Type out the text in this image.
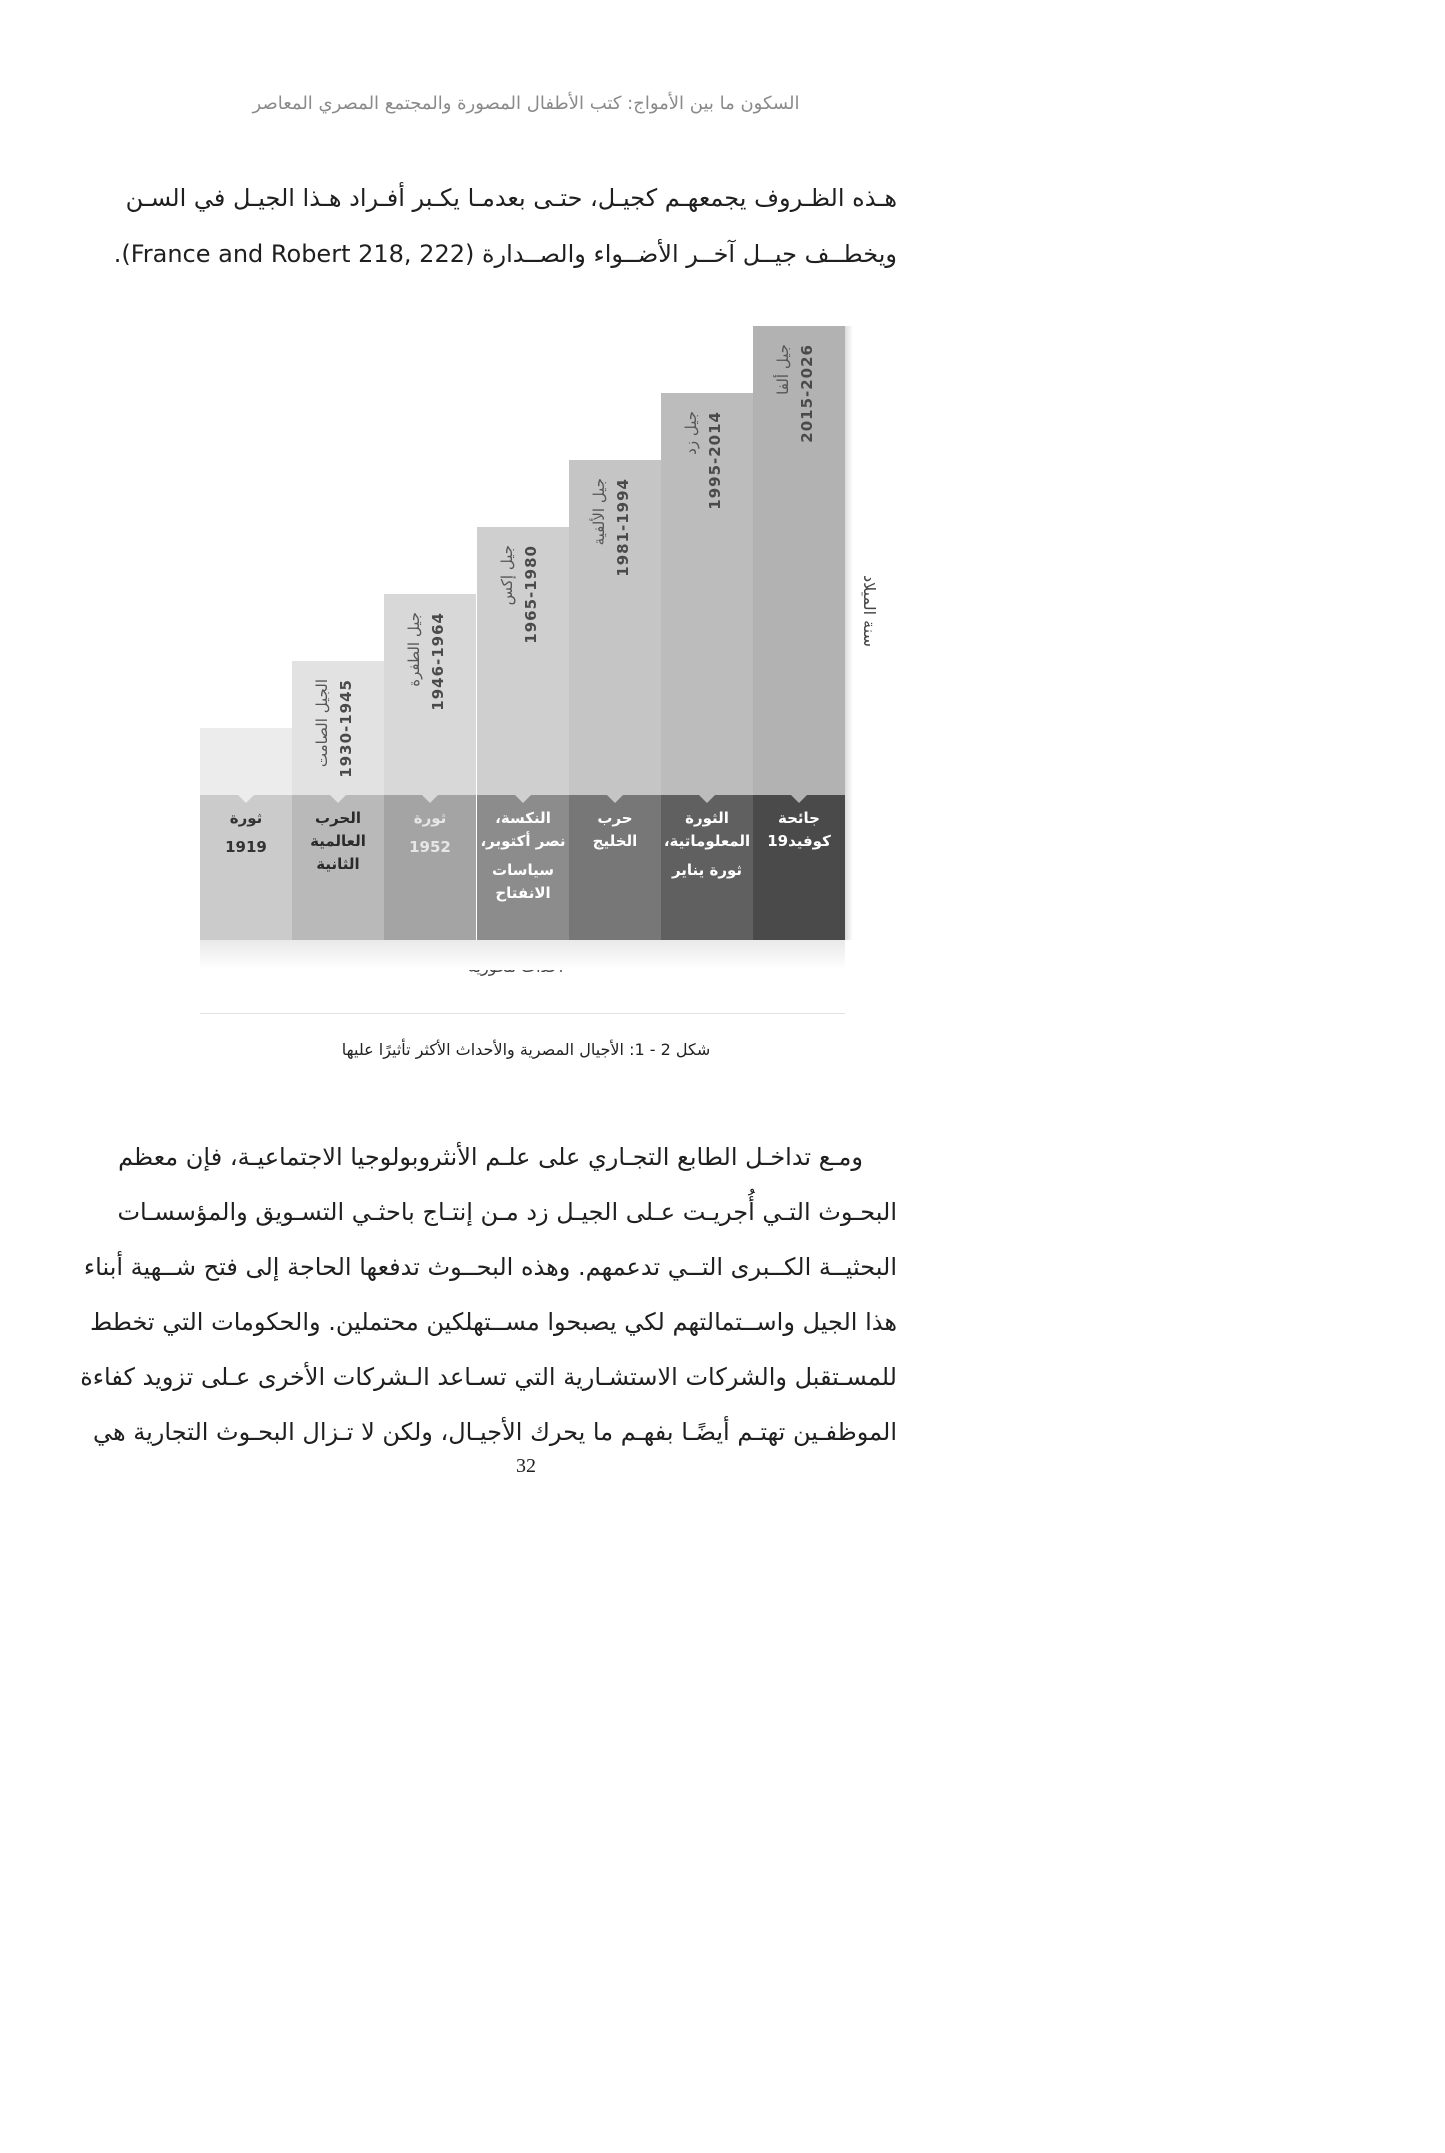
السكون ما بين الأمواج: كتب الأطفال المصورة والمجتمع المصري المعاصر
هـذه الظـروف يجمعهـم كجيـل، حتـى بعدمـا يكـبر أفـراد هـذا الجيـل في السـن
ويخطــف جيــل آخــر الأضــواء والصــدارة (France and Robert 218, 222).
سنة الميلاد
شكل 2 - 1: الأجيال المصرية والأحداث الأكثر تأثيرًا عليها
ومـع تداخـل الطابع التجـاري على علـم الأنثروبولوجيا الاجتماعيـة، فإن معظم
البحـوث التـي أُجريـت عـلى الجيـل زد مـن إنتـاج باحثـي التسـويق والمؤسسـات
البحثيــة الكــبرى التــي تدعمهم. وهذه البحــوث تدفعها الحاجة إلى فتح شــهية أبناء
هذا الجيل واســتمالتهم لكي يصبحوا مســتهلكين محتملين. والحكومات التي تخطط
للمسـتقبل والشركات الاستشـارية التي تسـاعد الـشركات الأخرى عـلى تزويد كفاءة
الموظفـين تهتـم أيضًـا بفهـم ما يحرك الأجيـال، ولكن لا تـزال البحـوث التجارية هي
32
ثورة
1919
الجيل الصامت 1930-1945
الحرب
العالمية
الثانية
جيل الطفرة 1946-1964
ثورة
1952
جيل إكس 1965-1980
النكسة،
نصر أكتوبر،
سياسات
الانفتاح
جيل الألفية 1981-1994
حرب
الخليج
جيل زد 1995-2014
الثورة
المعلوماتية،
ثورة يناير
جيل ألفا 2015-2026
جائحة
كوفيد19
